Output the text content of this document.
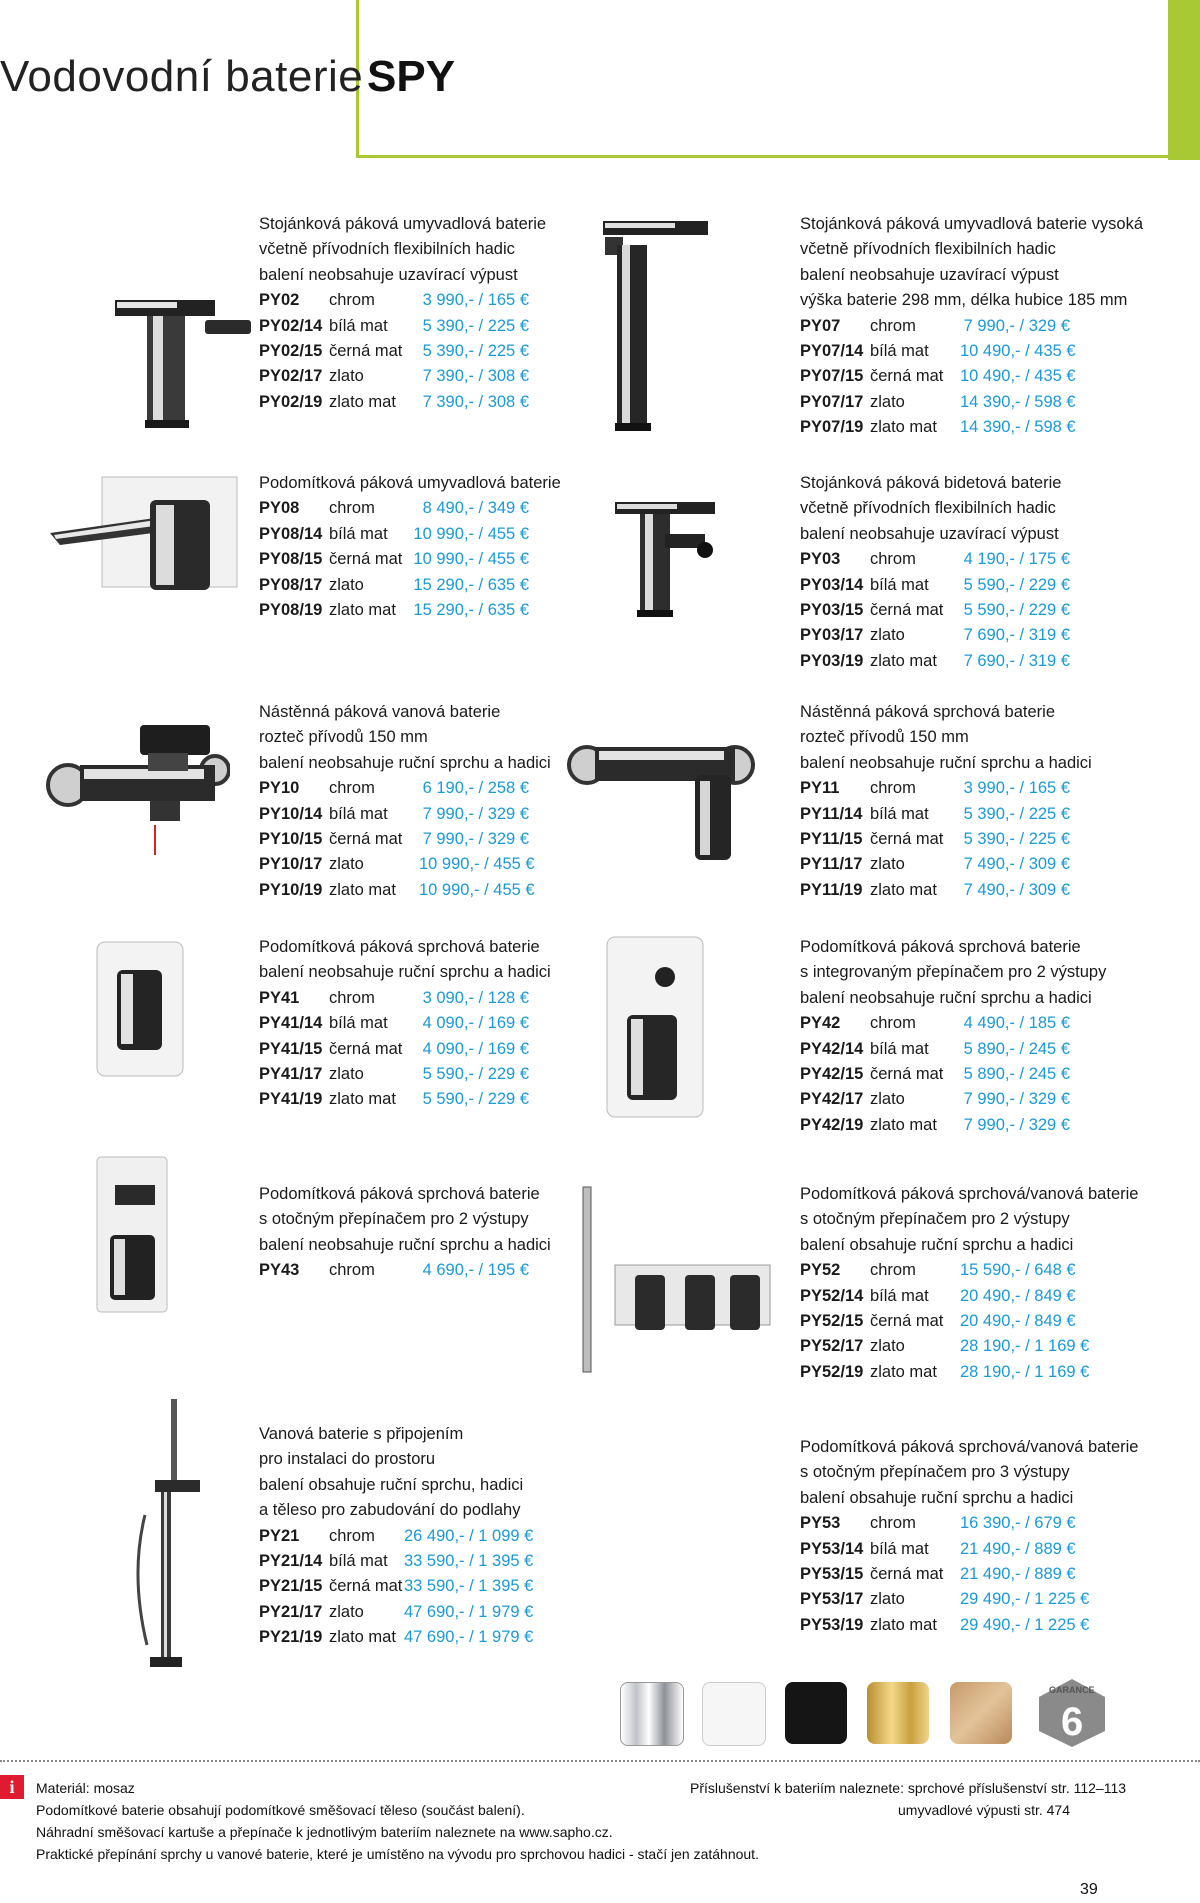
Vodovodní baterie SPY
Stojánková páková umyvadlová baterie
včetně přívodních flexibilních hadic
balení neobsahuje uzavírací výpust
PY02	chrom	3 990,- / 165 €
PY02/14 bílá mat	5 390,- / 225 €
PY02/15 černá mat	5 390,- / 225 €
PY02/17 zlato	7 390,- / 308 €
PY02/19 zlato mat	7 390,- / 308 €
Stojánková páková umyvadlová baterie vysoká
včetně přívodních flexibilních hadic
balení neobsahuje uzavírací výpust
výška baterie 298 mm, délka hubice 185 mm
PY07	chrom	7 990,- / 329 €
PY07/14 bílá mat	10 490,- / 435 €
PY07/15 černá mat	10 490,- / 435 €
PY07/17 zlato	14 390,- / 598 €
PY07/19 zlato mat	14 390,- / 598 €
Podomítková páková umyvadlová baterie
PY08	chrom	8 490,- / 349 €
PY08/14 bílá mat	10 990,- / 455 €
PY08/15 černá mat 10 990,- / 455 €
PY08/17 zlato	15 290,- / 635 €
PY08/19 zlato mat	15 290,- / 635 €
Stojánková páková bidetová baterie
včetně přívodních flexibilních hadic
balení neobsahuje uzavírací výpust
PY03	chrom	4 190,- / 175 €
PY03/14 bílá mat	5 590,- / 229 €
PY03/15 černá mat	5 590,- / 229 €
PY03/17 zlato	7 690,- / 319 €
PY03/19 zlato mat	7 690,- / 319 €
Nástěnná páková vanová baterie
rozteč přívodů 150 mm
balení neobsahuje ruční sprchu a hadici
PY10	chrom	6 190,- / 258 €
PY10/14 bílá mat	7 990,- / 329 €
PY10/15 černá mat	7 990,- / 329 €
PY10/17 zlato	10 990,- / 455 €
PY10/19 zlato mat	10 990,- / 455 €
Nástěnná páková sprchová baterie
rozteč přívodů 150 mm
balení neobsahuje ruční sprchu a hadici
PY11	chrom	3 990,- / 165 €
PY11/14 bílá mat	5 390,- / 225 €
PY11/15 černá mat	5 390,- / 225 €
PY11/17 zlato	7 490,- / 309 €
PY11/19 zlato mat	7 490,- / 309 €
Podomítková páková sprchová baterie
balení neobsahuje ruční sprchu a hadici
PY41	chrom	3 090,- / 128 €
PY41/14 bílá mat	4 090,- / 169 €
PY41/15 černá mat	4 090,- / 169 €
PY41/17 zlato	5 590,- / 229 €
PY41/19 zlato mat	5 590,- / 229 €
Podomítková páková sprchová baterie
s integrovaným přepínačem pro 2 výstupy
balení neobsahuje ruční sprchu a hadici
PY42	chrom	4 490,- / 185 €
PY42/14 bílá mat	5 890,- / 245 €
PY42/15 černá mat	5 890,- / 245 €
PY42/17 zlato	7 990,- / 329 €
PY42/19 zlato mat	7 990,- / 329 €
Podomítková páková sprchová baterie
s otočným přepínačem pro 2 výstupy
balení neobsahuje ruční sprchu a hadici
PY43	chrom	4 690,- / 195 €
Podomítková páková sprchová/vanová baterie
s otočným přepínačem pro 2 výstupy
balení obsahuje ruční sprchu a hadici
PY52	chrom	15 590,- / 648 €
PY52/14 bílá mat	20 490,- / 849 €
PY52/15 černá mat	20 490,- / 849 €
PY52/17 zlato	28 190,- / 1 169 €
PY52/19 zlato mat	28 190,- / 1 169 €
Vanová baterie s připojením
pro instalaci do prostoru
balení obsahuje ruční sprchu, hadici
a těleso pro zabudování do podlahy
PY21	chrom	26 490,- / 1 099 €
PY21/14 bílá mat 33 590,- / 1 395 €
PY21/15 černá mat 33 590,- / 1 395 €
PY21/17 zlato	47 690,- / 1 979 €
PY21/19 zlato mat 47 690,- / 1 979 €
Podomítková páková sprchová/vanová baterie
s otočným přepínačem pro 3 výstupy
balení obsahuje ruční sprchu a hadici
PY53	chrom	16 390,- / 679 €
PY53/14 bílá mat	21 490,- / 889 €
PY53/15 černá mat	21 490,- / 889 €
PY53/17 zlato	29 490,- / 1 225 €
PY53/19 zlato mat	29 490,- / 1 225 €
GARANCE
6
i	Materiál: mosaz
Podomítkové baterie obsahují podomítkové směšovací těleso (součást balení).
Náhradní směšovací kartuše a přepínače k jednotlivým bateriím naleznete na www.sapho.cz.
Praktické přepínání sprchy u vanové baterie, které je umístěno na vývodu pro sprchovou hadici - stačí jen zatáhnout.
Příslušenství k bateriím naleznete: sprchové příslušenství str. 112–113
umyvadlové výpusti str. 474
39
